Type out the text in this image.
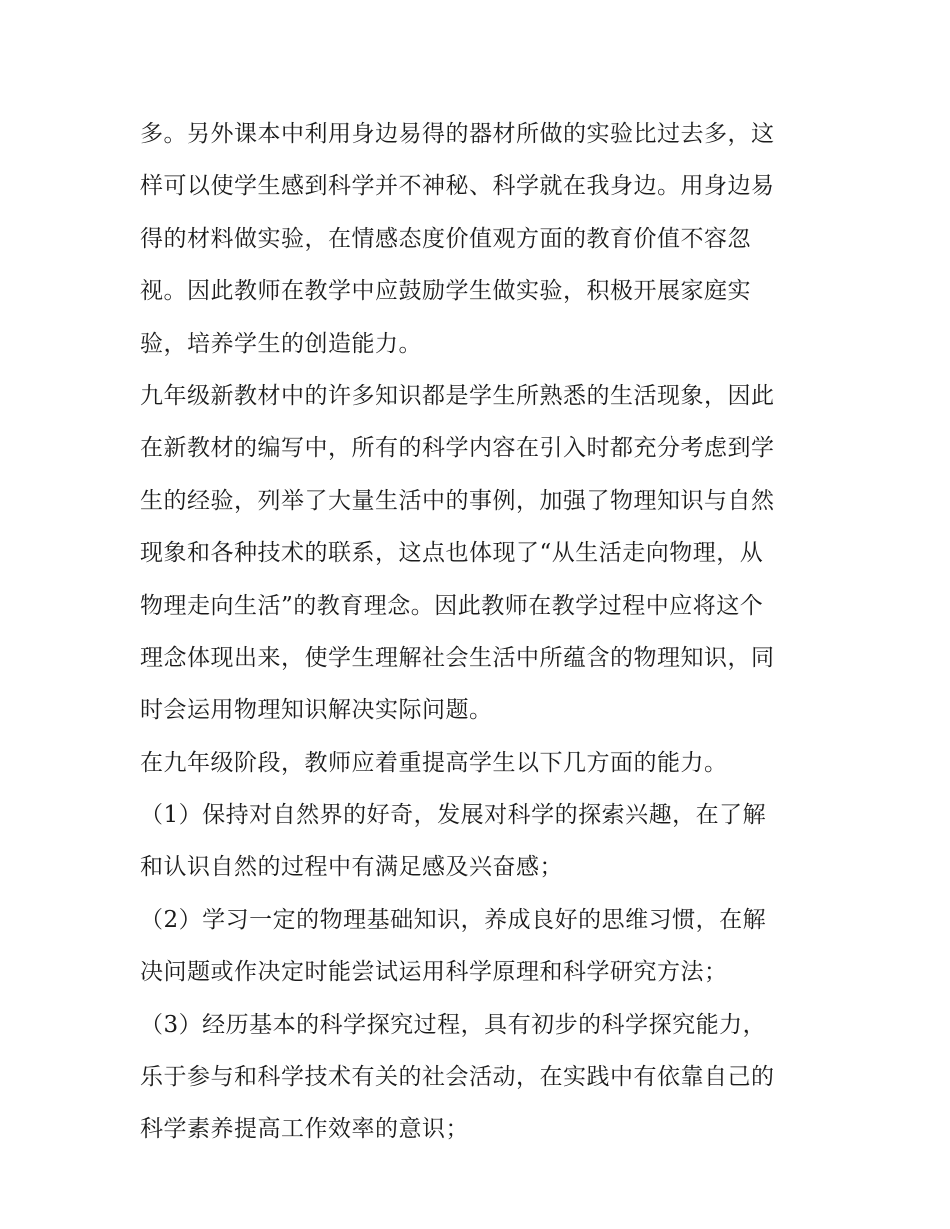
多。另外课本中利用身边易得的器材所做的实验比过去多，这
样可以使学生感到科学并不神秘、科学就在我身边。用身边易
得的材料做实验，在情感态度价值观方面的教育价值不容忽
视。因此教师在教学中应鼓励学生做实验，积极开展家庭实
验，培养学生的创造能力。
九年级新教材中的许多知识都是学生所熟悉的生活现象，因此
在新教材的编写中，所有的科学内容在引入时都充分考虑到学
生的经验，列举了大量生活中的事例，加强了物理知识与自然
现象和各种技术的联系，这点也体现了“从生活走向物理，从
物理走向生活”的教育理念。因此教师在教学过程中应将这个
理念体现出来，使学生理解社会生活中所蕴含的物理知识，同
时会运用物理知识解决实际问题。
在九年级阶段，教师应着重提高学生以下几方面的能力。
（1）保持对自然界的好奇，发展对科学的探索兴趣，在了解
和认识自然的过程中有满足感及兴奋感；
（2）学习一定的物理基础知识，养成良好的思维习惯，在解
决问题或作决定时能尝试运用科学原理和科学研究方法；
（3）经历基本的科学探究过程，具有初步的科学探究能力，
乐于参与和科学技术有关的社会活动，在实践中有依靠自己的
科学素养提高工作效率的意识；
